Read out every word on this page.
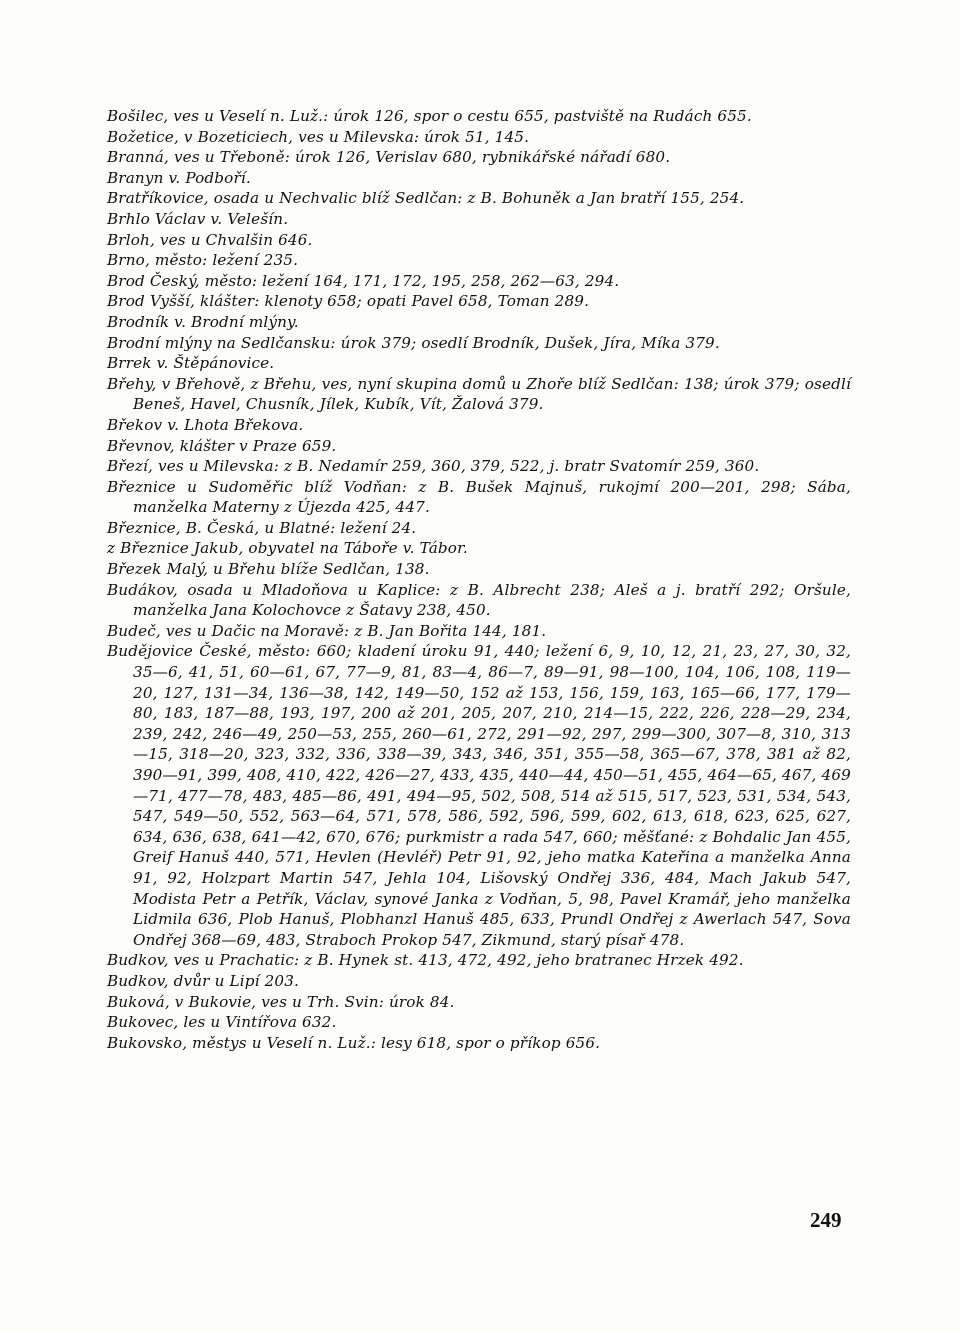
Bošilec, ves u Veselí n. Luž.: úrok 126, spor o cestu 655, pastviště na Rudách 655.

Božetice, v Bozeticiech, ves u Milevska: úrok 51, 145.

Branná, ves u Třeboně: úrok 126, Verislav 680, rybnikářské nářadí 680.

Branyn v. Podboří.

Bratříkovice, osada u Nechvalic blíž Sedlčan: z B. Bohuněk a Jan bratří 155, 254.

Brhlo Václav v. Velešín.

Brloh, ves u Chvalšin 646.

Brno, město: ležení 235.

Brod Český, město: ležení 164, 171, 172, 195, 258, 262—63, 294.

Brod Vyšší, klášter: klenoty 658; opati Pavel 658, Toman 289.

Brodník v. Brodní mlýny.

Brodní mlýny na Sedlčansku: úrok 379; osedlí Brodník, Dušek, Jíra, Míka 379.

Brrek v. Štěpánovice.

Břehy, v Břehově, z Břehu, ves, nyní skupina domů u Zhoře blíž Sedlčan: 138; úrok 379; osedlí Beneš, Havel, Chusník, Jílek, Kubík, Vít, Žalová 379.

Břekov v. Lhota Břekova.

Břevnov, klášter v Praze 659.

Březí, ves u Milevska: z B. Nedamír 259, 360, 379, 522, j. bratr Svatomír 259, 360.

Březnice u Sudoměřic blíž Vodňan: z B. Bušek Majnuš, rukojmí 200—201, 298; Sába, manželka Materny z Újezda 425, 447.

Březnice, B. Česká, u Blatné: ležení 24.

z Březnice Jakub, obyvatel na Táboře v. Tábor.

Březek Malý, u Břehu blíže Sedlčan, 138.

Budákov, osada u Mladoňova u Kaplice: z B. Albrecht 238; Aleš a j. bratří 292; Oršule, manželka Jana Kolochovce z Šatavy 238, 450.

Budeč, ves u Dačic na Moravě: z B. Jan Bořita 144, 181.

Budějovice České, město: 660; kladení úroku 91, 440; ležení 6, 9, 10, 12, 21, 23, 27, 30, 32, 35—6, 41, 51, 60—61, 67, 77—9, 81, 83—4, 86—7, 89—91, 98—100, 104, 106, 108, 119—20, 127, 131—34, 136—38, 142, 149—50, 152 až 153, 156, 159, 163, 165—66, 177, 179—80, 183, 187—88, 193, 197, 200 až 201, 205, 207, 210, 214—15, 222, 226, 228—29, 234, 239, 242, 246—49, 250—53, 255, 260—61, 272, 291—92, 297, 299—300, 307—8, 310, 313—15, 318—20, 323, 332, 336, 338—39, 343, 346, 351, 355—58, 365—67, 378, 381 až 82, 390—91, 399, 408, 410, 422, 426—27, 433, 435, 440—44, 450—51, 455, 464—65, 467, 469—71, 477—78, 483, 485—86, 491, 494—95, 502, 508, 514 až 515, 517, 523, 531, 534, 543, 547, 549—50, 552, 563—64, 571, 578, 586, 592, 596, 599, 602, 613, 618, 623, 625, 627, 634, 636, 638, 641—42, 670, 676; purkmistr a rada 547, 660; měšťané: z Bohdalic Jan 455, Greif Hanuš 440, 571, Hevlen (Hevléř) Petr 91, 92, jeho matka Kateřina a manželka Anna 91, 92, Holzpart Martin 547, Jehla 104, Lišovský Ondřej 336, 484, Mach Jakub 547, Modista Petr a Petřík, Václav, synové Janka z Vodňan, 5, 98, Pavel Kramář, jeho manželka Lidmila 636, Plob Hanuš, Plobhanzl Hanuš 485, 633, Prundl Ondřej z Awerlach 547, Sova Ondřej 368—69, 483, Straboch Prokop 547, Zikmund, starý písař 478.

Budkov, ves u Prachatic: z B. Hynek st. 413, 472, 492, jeho bratranec Hrzek 492.

Budkov, dvůr u Lipí 203.

Buková, v Bukovie, ves u Trh. Svin: úrok 84.

Bukovec, les u Vintířova 632.

Bukovsko, městys u Veselí n. Luž.: lesy 618, spor o příkop 656.

249
